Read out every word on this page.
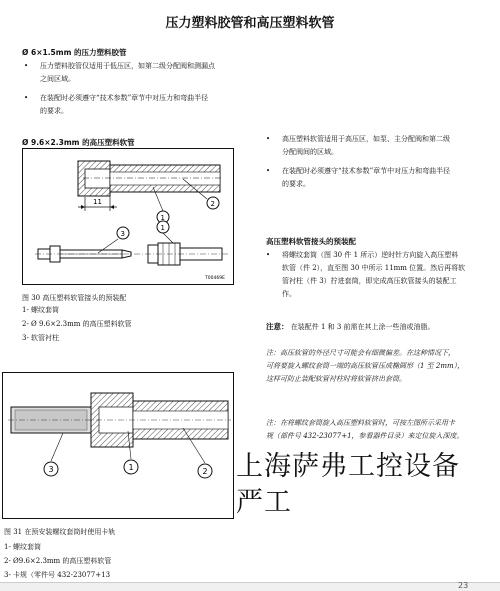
压力塑料胶管和高压塑料软管
Ø 6×1.5mm 的压力塑料胶管
• 压力塑料胶管仅适用于低压区，如第二级分配阀和测漏点
之间区域。
• 在装配时必须遵守“技术参数”章节中对压力和弯曲半径
的要求。
Ø 9.6×2.3mm 的高压塑料软管
11
1
2
3
1
T00469E
图 30 高压塑料软管接头的预装配
1- 螺纹套筒
2- Ø 9.6×2.3mm 的高压塑料软管
3- 软管衬柱
3	1	2
图 31 在预安装螺纹套筒时使用卡轨
1- 螺纹套筒
2- Ø9.6×2.3mm 的高压塑料软管
3- 卡规（零件号 432-23077+13
• 高压塑料软管适用于高压区，如泵、主分配阀和第二级
分配阀间的区域。
• 在装配时必须遵守“技术参数”章节中对压力和弯曲半径
的要求。
高压塑料软管接头的预装配
• 将螺纹套筒（图 30 件 1 所示）逆时针方向旋入高压塑料
软管（件 2），直至图 30 中所示 11mm 位置。然后再将软
管衬柱（件 3）拧进套筒，即完成高压软管接头的装配工
作。
注意： 在装配件 1 和 3 前需在其上涂一些油或油脂。
注：高压软管的外径尺寸可能会有细微偏差。在这种情况下，
可将要旋入螺纹套筒一端的高压软管压成椭圆形（1 至 2mm），
这样可防止装配软管衬柱时将软管挤出套筒。
注：在将螺纹套筒旋入高压塑料软管时，可按左图所示采用卡
规（部件号 432-23077+1，参看器件目录）来定位旋入深度。
上海萨弗工控设备
严工
23
